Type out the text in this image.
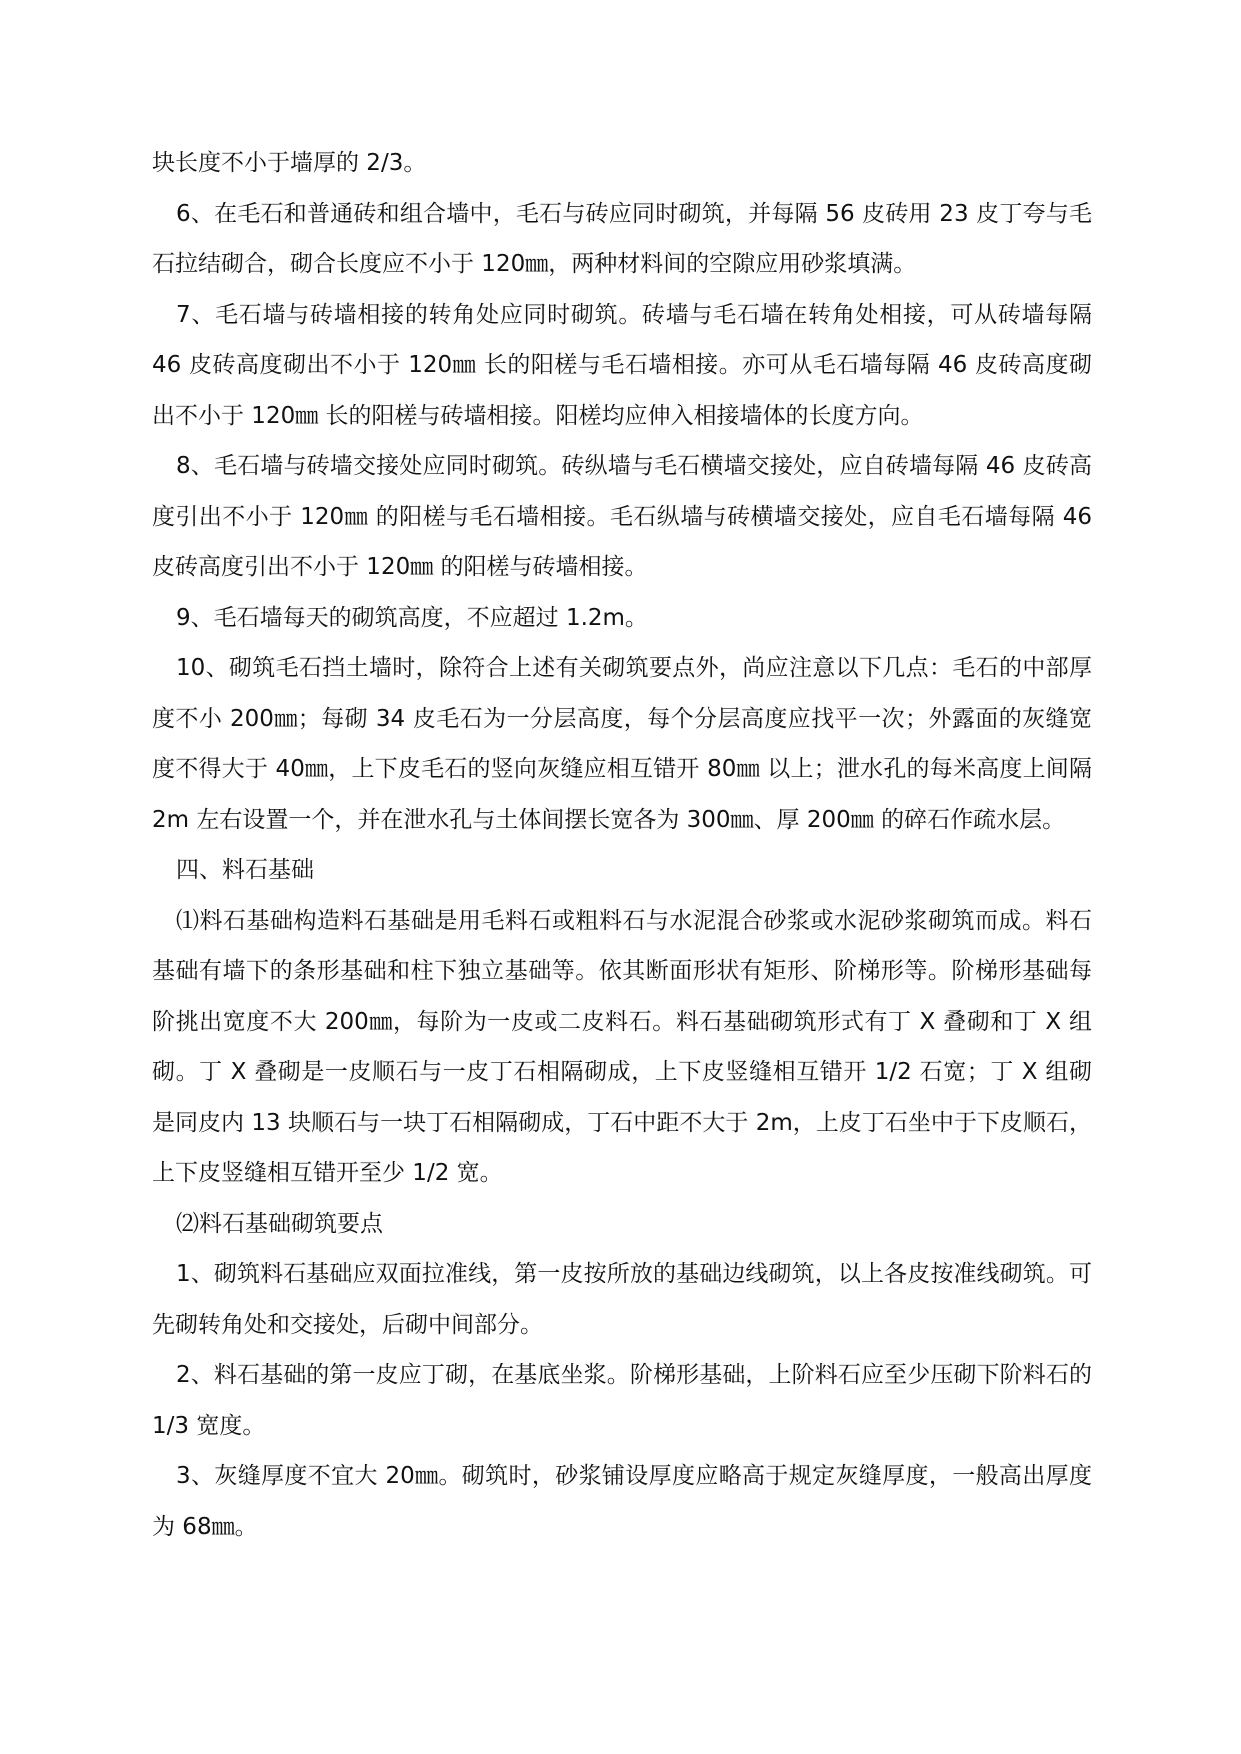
块长度不小于墙厚的 2/3。

6、在毛石和普通砖和组合墙中，毛石与砖应同时砌筑，并每隔 56 皮砖用 23 皮丁夸与毛石拉结砌合，砌合长度应不小于 120㎜，两种材料间的空隙应用砂浆填满。

7、毛石墙与砖墙相接的转角处应同时砌筑。砖墙与毛石墙在转角处相接，可从砖墙每隔 46 皮砖高度砌出不小于 120㎜ 长的阳槎与毛石墙相接。亦可从毛石墙每隔 46 皮砖高度砌出不小于 120㎜ 长的阳槎与砖墙相接。阳槎均应伸入相接墙体的长度方向。

8、毛石墙与砖墙交接处应同时砌筑。砖纵墙与毛石横墙交接处，应自砖墙每隔 46 皮砖高度引出不小于 120㎜ 的阳槎与毛石墙相接。毛石纵墙与砖横墙交接处，应自毛石墙每隔 46 皮砖高度引出不小于 120㎜ 的阳槎与砖墙相接。

9、毛石墙每天的砌筑高度，不应超过 1.2m。

10、砌筑毛石挡土墙时，除符合上述有关砌筑要点外，尚应注意以下几点：毛石的中部厚度不小 200㎜；每砌 34 皮毛石为一分层高度，每个分层高度应找平一次；外露面的灰缝宽度不得大于 40㎜，上下皮毛石的竖向灰缝应相互错开 80㎜ 以上；泄水孔的每米高度上间隔 2m 左右设置一个，并在泄水孔与土体间摆长宽各为 300㎜、厚 200㎜ 的碎石作疏水层。

四、料石基础

⑴料石基础构造料石基础是用毛料石或粗料石与水泥混合砂浆或水泥砂浆砌筑而成。料石基础有墙下的条形基础和柱下独立基础等。依其断面形状有矩形、阶梯形等。阶梯形基础每阶挑出宽度不大 200㎜，每阶为一皮或二皮料石。料石基础砌筑形式有丁 X 叠砌和丁 X 组砌。丁 X 叠砌是一皮顺石与一皮丁石相隔砌成，上下皮竖缝相互错开 1/2 石宽；丁 X 组砌是同皮内 13 块顺石与一块丁石相隔砌成，丁石中距不大于 2m，上皮丁石坐中于下皮顺石，上下皮竖缝相互错开至少 1/2 宽。

⑵料石基础砌筑要点

1、砌筑料石基础应双面拉准线，第一皮按所放的基础边线砌筑，以上各皮按准线砌筑。可先砌转角处和交接处，后砌中间部分。

2、料石基础的第一皮应丁砌，在基底坐浆。阶梯形基础，上阶料石应至少压砌下阶料石的 1/3 宽度。

3、灰缝厚度不宜大 20㎜。砌筑时，砂浆铺设厚度应略高于规定灰缝厚度，一般高出厚度为 68㎜。
